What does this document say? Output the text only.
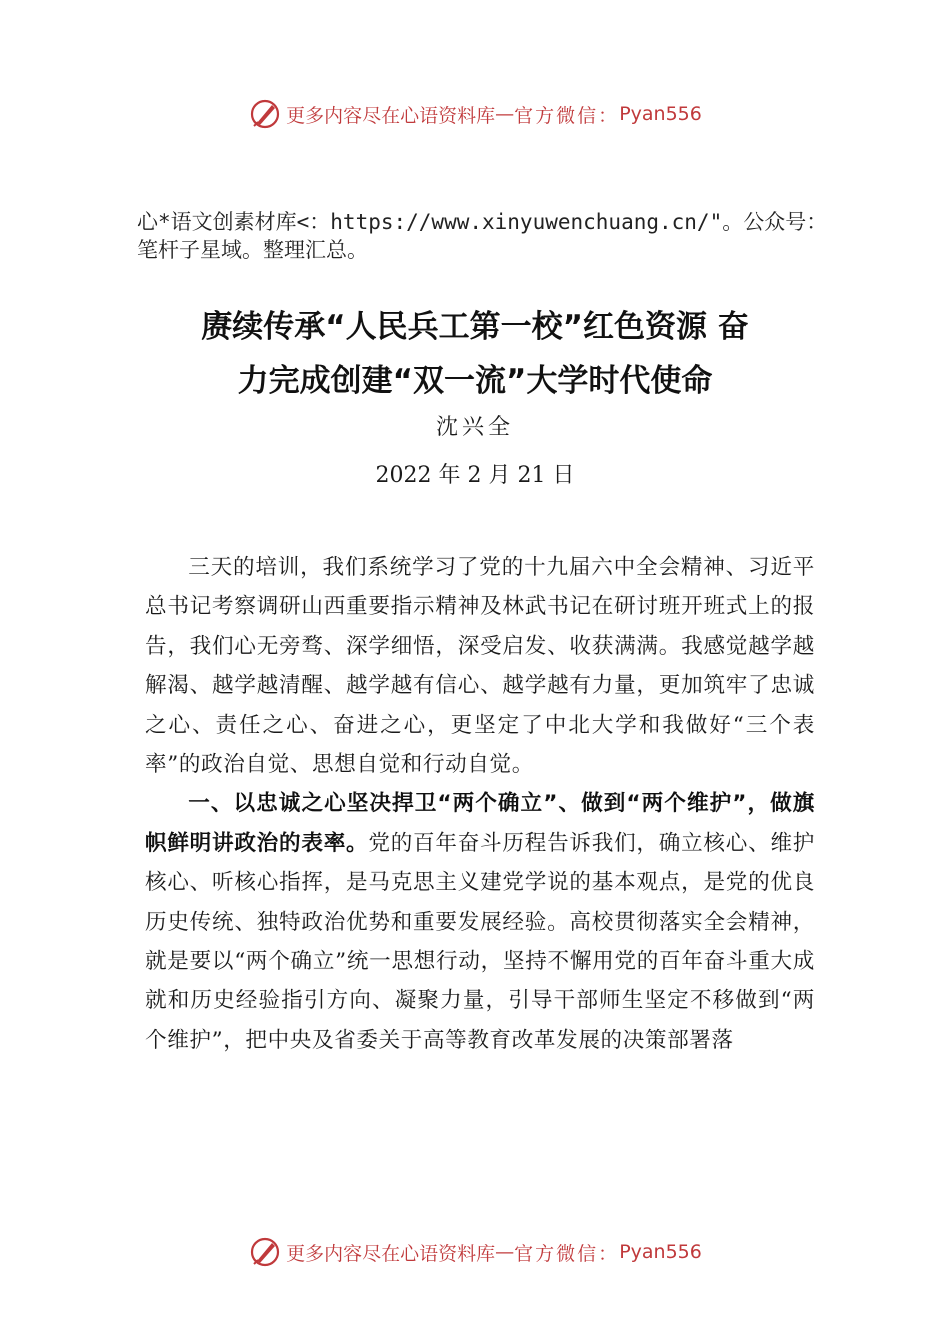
更多内容尽在心语资料库 — 官方微信： Pyan556

心*语文创素材库<：https://www.xinyuwenchuang.cn/"。公众号：笔杆子星域。整理汇总。

赓续传承“人民兵工第一校”红色资源 奋
力完成创建“双一流”大学时代使命

沈兴全

2022 年 2 月 21 日

三天的培训，我们系统学习了党的十九届六中全会精神、习近平总书记考察调研山西重要指示精神及林武书记在研讨班开班式上的报告，我们心无旁骛、深学细悟，深受启发、收获满满。我感觉越学越解渴、越学越清醒、越学越有信心、越学越有力量，更加筑牢了忠诚之心、责任之心、奋进之心，更坚定了中北大学和我做好“三个表率”的政治自觉、思想自觉和行动自觉。

一、以忠诚之心坚决捍卫“两个确立”、做到“两个维护”，做旗帜鲜明讲政治的表率。党的百年奋斗历程告诉我们，确立核心、维护核心、听核心指挥，是马克思主义建党学说的基本观点，是党的优良历史传统、独特政治优势和重要发展经验。高校贯彻落实全会精神，就是要以“两个确立”统一思想行动，坚持不懈用党的百年奋斗重大成就和历史经验指引方向、凝聚力量，引导干部师生坚定不移做到“两个维护”，把中央及省委关于高等教育改革发展的决策部署落

更多内容尽在心语资料库 — 官方微信： Pyan556
